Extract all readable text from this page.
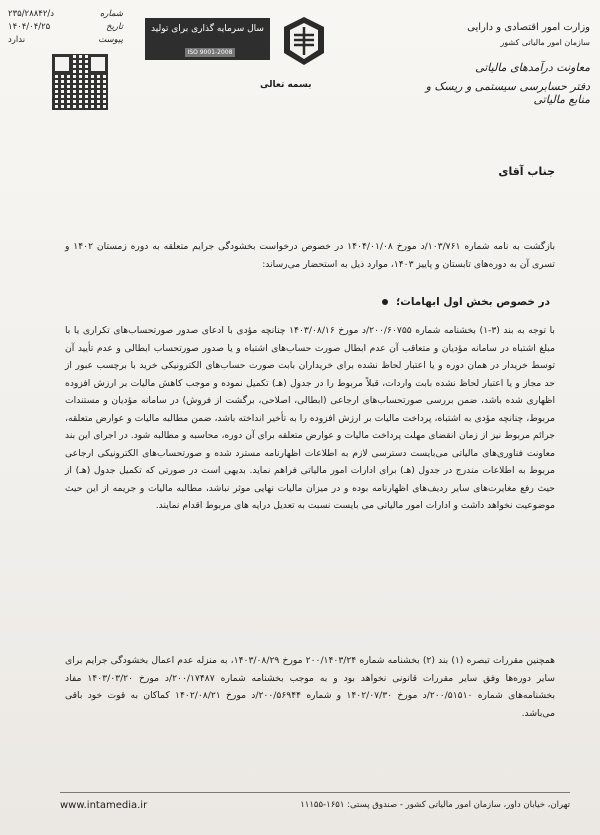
د/۲۳۵/۲۸۸۴۲	شماره
۱۴۰۴/۰۴/۲۵	تاریخ
ندارد	پیوست
سال سرمایه گذاری برای تولید
ISO 9001-2008
وزارت امور اقتصادی و دارایی
سازمان امور مالیاتی کشور
معاونت درآمدهای مالیاتی
دفتر حسابرسی سیستمی و ریسک و منابع مالیاتی
بسمه تعالی
جناب آقای
بازگشت به نامه شماره ۱۰۳/۷۶۱/د مورخ ۱۴۰۴/۰۱/۰۸ در خصوص درخواست بخشودگی جرایم متعلقه به دوره زمستان ۱۴۰۲ و تسری آن به دوره‌های تابستان و پاییز ۱۴۰۳، موارد ذیل به استحضار می‌رساند:
در خصوص بخش اول ابهامات؛
با توجه به بند (۳-۱) بخشنامه شماره ۲۰۰/۶۰۷۵۵/د مورخ ۱۴۰۳/۰۸/۱۶ چنانچه مؤدی با ادعای صدور صورتحساب‌های تکراری یا با مبلغ اشتباه در سامانه مؤدیان و متعاقب آن عدم ابطال صورت حساب‌های اشتباه و یا صدور صورتحساب ابطالی و عدم تأیید آن توسط خریدار در همان دوره و یا اعتبار لحاظ نشده برای خریداران بابت صورت حساب‌های الکترونیکی خرید با برچسب عبور از حد مجاز و یا اعتبار لحاظ نشده بابت واردات، قبلاً مربوط را در جدول (هـ) تکمیل نموده و موجب کاهش مالیات بر ارزش افزوده اظهاری شده باشد، ضمن بررسی صورتحساب‌های ارجاعی (ابطالی، اصلاحی، برگشت از فروش) در سامانه مؤدیان و مستندات مربوط، چنانچه مؤدی به اشتباه، پرداخت مالیات بر ارزش افزوده را به تأخیر انداخته باشد، ضمن مطالبه مالیات و عوارض متعلقه، جرائم مربوط نیز از زمان انقضای مهلت پرداخت مالیات و عوارض متعلقه برای آن دوره، محاسبه و مطالبه شود. در اجرای این بند معاونت فناوری‌های مالیاتی می‌بایست دسترسی لازم به اطلاعات اظهارنامه مسترد شده و صورتحساب‌های الکترونیکی ارجاعی مربوط به اطلاعات مندرج در جدول (هـ) برای ادارات امور مالیاتی فراهم نماید. بدیهی است در صورتی که تکمیل جدول (هـ) از حیث رفع مغایرت‌های سایر ردیف‌های اظهارنامه بوده و در میزان مالیات نهایی موثر نباشد، مطالبه مالیات و جریمه از این حیث موضوعیت نخواهد داشت و ادارات امور مالیاتی می بایست نسبت به تعدیل درایه های مربوط اقدام نمایند.
همچنین مقررات تبصره (۱) بند (۲) بخشنامه شماره ۲۰۰/۱۴۰۳/۲۴ مورخ ۱۴۰۳/۰۸/۲۹، به منزله عدم اعمال بخشودگی جرایم برای سایر دوره‌ها وفق سایر مقررات قانونی نخواهد بود و به موجب بخشنامه شماره ۲۰۰/۱۷۴۸۷/د مورخ ۱۴۰۳/۰۳/۲۰ مفاد بخشنامه‌های شماره ۲۰۰/۵۱۵۱۰/د مورخ ۱۴۰۲/۰۷/۳۰ و شماره ۲۰۰/۵۶۹۴۴/د مورخ ۱۴۰۲/۰۸/۲۱ کماکان به قوت خود باقی می‌باشد.
www.intamedia.ir	تهران، خیابان داور، سازمان امور مالیاتی کشور - صندوق پستی: ۱۶۵۱-۱۱۱۵۵
